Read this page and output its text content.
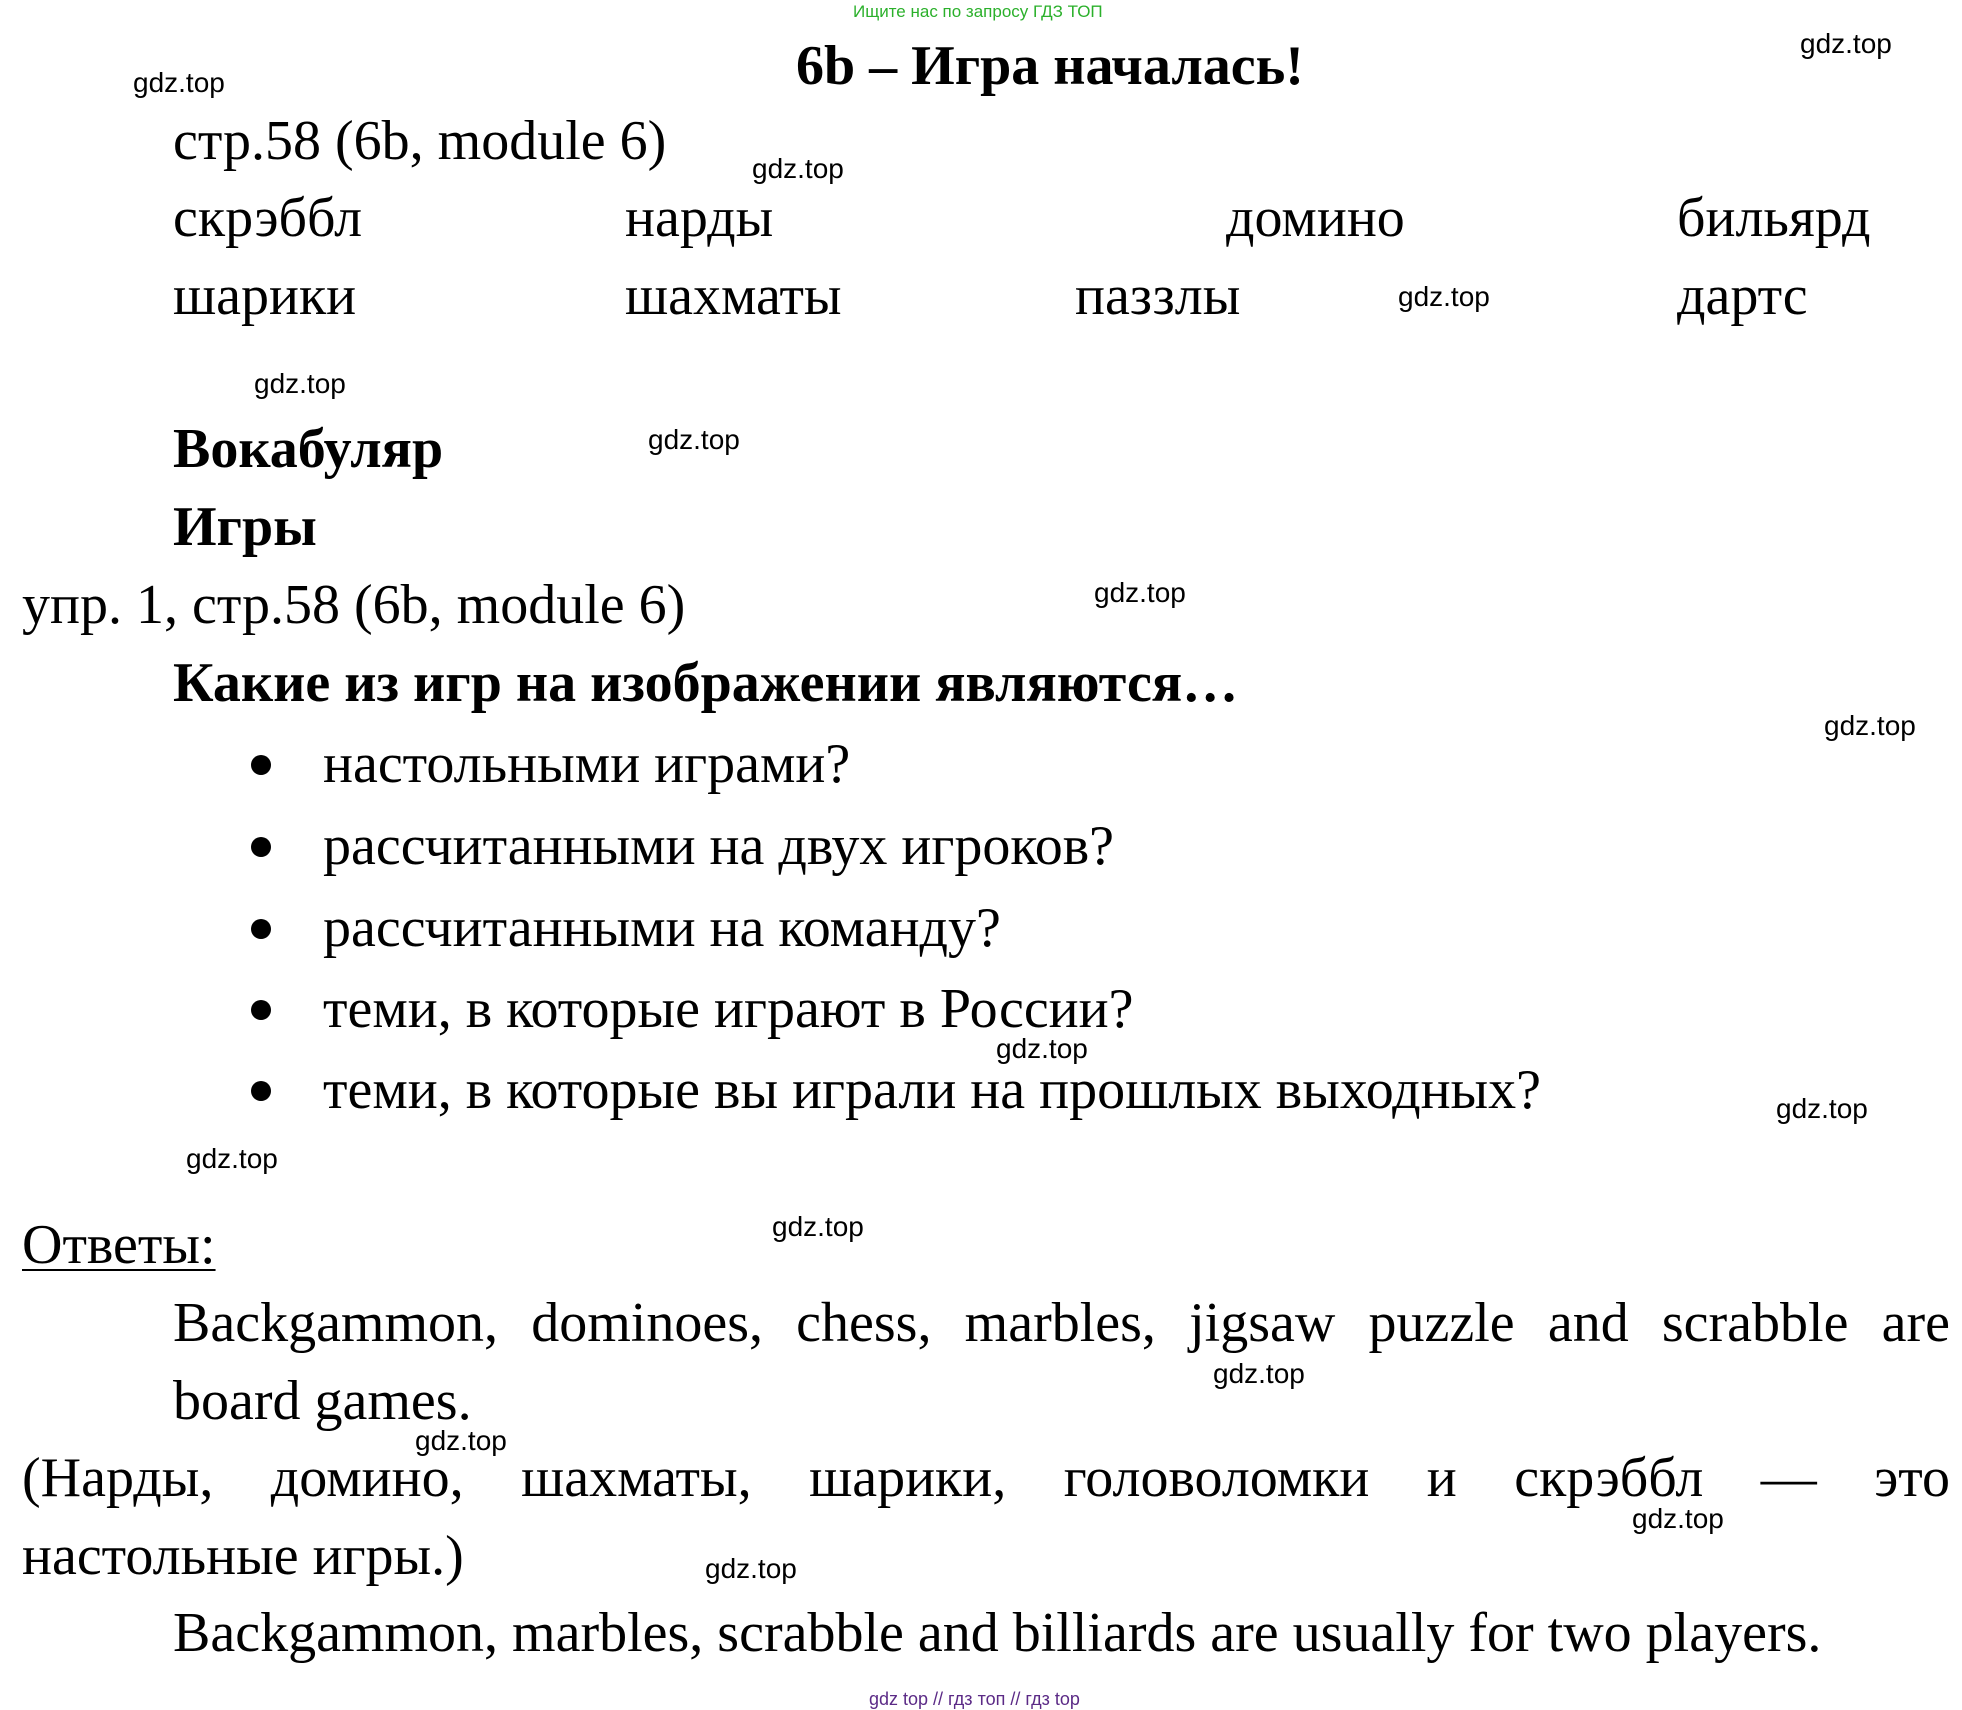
Ищите нас по запросу ГДЗ ТОП
6b – Игра началась!
стр.58 (6b, module 6)
скрэббл	нарды	домино	бильярд
шарики	шахматы	паззлы	дартс
Вокабуляр
Игры
упр. 1, стр.58 (6b, module 6)
Какие из игр на изображении являются…
настольными играми?
рассчитанными на двух игроков?
рассчитанными на команду?
теми, в которые играют в России?
теми, в которые вы играли на прошлых выходных?
Ответы:
Backgammon, dominoes, chess, marbles, jigsaw puzzle and scrabble are
board games.
(Нарды, домино, шахматы, шарики, головоломки и скрэббл — это
настольные игры.)
Backgammon, marbles, scrabble and billiards are usually for two players.
gdz.top
gdz.top
gdz.top
gdz.top
gdz.top
gdz.top
gdz.top
gdz.top
gdz.top
gdz.top
gdz.top
gdz.top
gdz.top
gdz.top
gdz.top
gdz.top
gdz top // гдз топ // гдз top
